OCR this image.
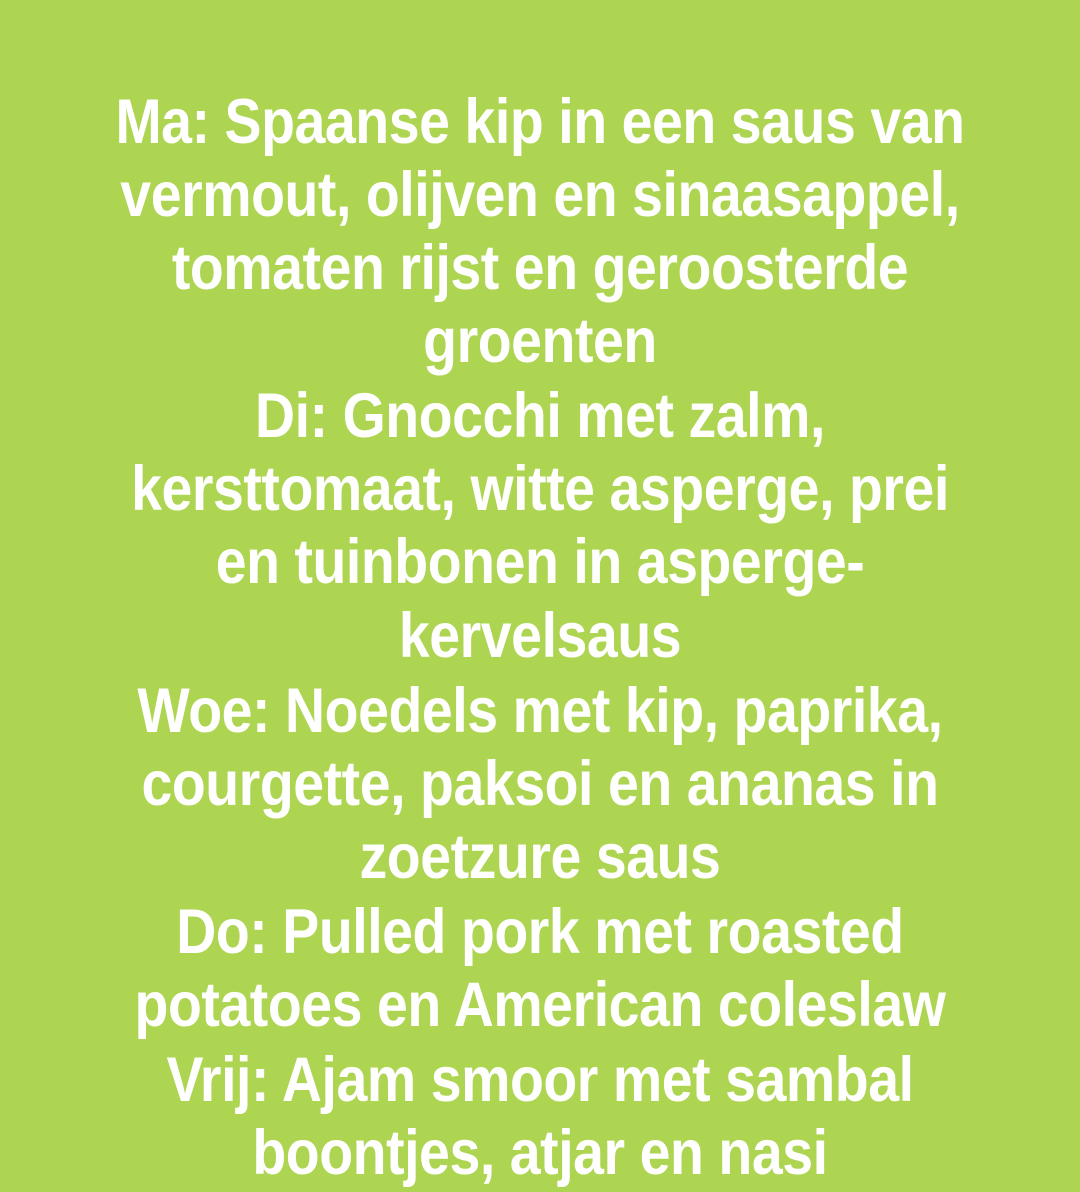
Ma: Spaanse kip in een saus van vermout, olijven en sinaasappel, tomaten rijst en geroosterde groenten

Di: Gnocchi met zalm, kersttomaat, witte asperge, prei en tuinbonen in asperge-kervelsaus

Woe: Noedels met kip, paprika, courgette, paksoi en ananas in zoetzure saus

Do: Pulled pork met roasted potatoes en American coleslaw

Vrij: Ajam smoor met sambal boontjes, atjar en nasi
